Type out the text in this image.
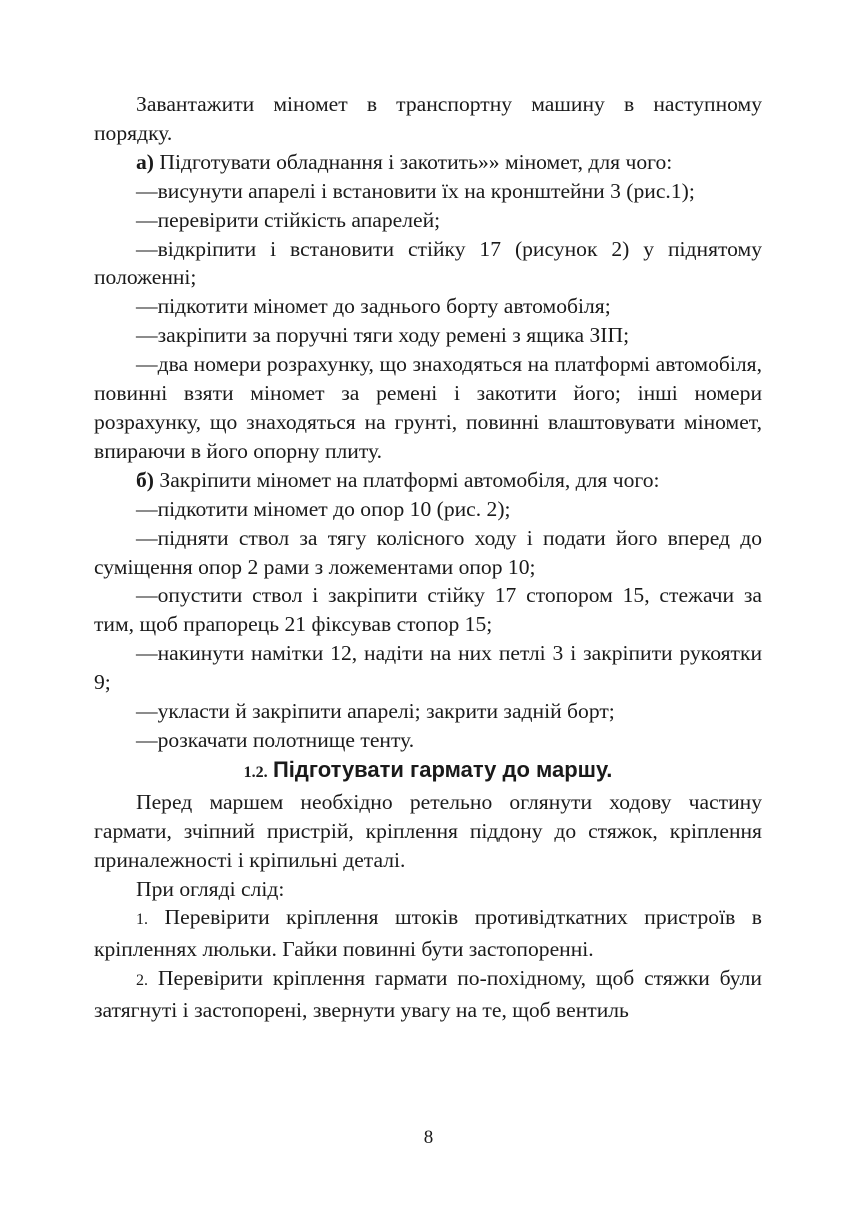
Завантажити міномет в транспортну машину в наступному порядку.

а) Підготувати обладнання і закотить»» міномет, для чого:

—висунути апарелі і встановити їх на кронштейни 3 (рис.1);

—перевірити стійкість апарелей;

—відкріпити і встановити стійку 17 (рисунок 2) у піднятому положенні;

—підкотити міномет до заднього борту автомобіля;

—закріпити за поручні тяги ходу ремені з ящика ЗІП;

—два номери розрахунку, що знаходяться на платформі автомобіля, повинні взяти міномет за ремені і закотити його; інші номери розрахунку, що знаходяться на грунті, повинні влаштовувати міномет, впираючи в його опорну плиту.

б) Закріпити міномет на платформі автомобіля, для чого:

—підкотити міномет до опор 10 (рис. 2);

—підняти ствол за тягу колісного ходу і подати його вперед до суміщення опор 2 рами з ложементами опор 10;

—опустити ствол і закріпити стійку 17 стопором 15, стежачи за тим, щоб прапорець 21 фіксував стопор 15;

—накинути намітки 12, надіти на них петлі 3 і закріпити рукоятки 9;

—укласти й закріпити апарелі; закрити задній борт;

—розкачати полотнище тенту.

1.2. Підготувати гармату до маршу.

Перед маршем необхідно ретельно оглянути ходову частину гармати, зчіпний пристрій, кріплення піддону до стяжок, кріплення приналежності і кріпильні деталі.

При огляді слід:

1. Перевірити кріплення штоків противідткатних пристроїв в кріпленнях люльки. Гайки повинні бути застопоренні.

2. Перевірити кріплення гармати по-похідному, щоб стяжки були затягнуті і застопорені, звернути увагу на те, щоб вентиль

8
